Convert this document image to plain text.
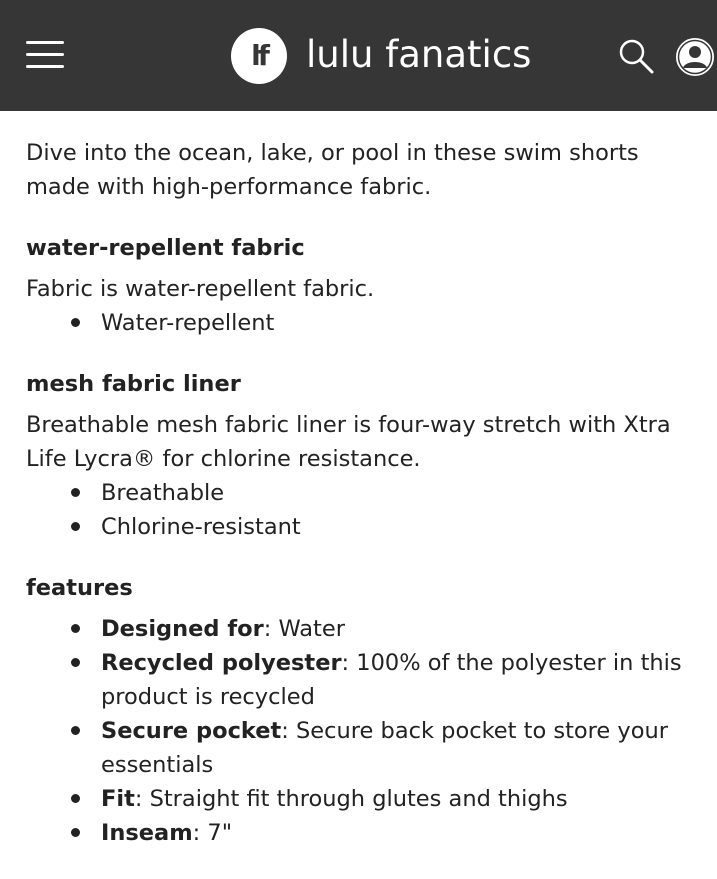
lf	lulu fanatics

Dive into the ocean, lake, or pool in these swim shorts made with high-performance fabric.

water-repellent fabric

Fabric is water-repellent fabric.

Water-repellent
mesh fabric liner

Breathable mesh fabric liner is four-way stretch with Xtra Life Lycra® for chlorine resistance.

Breathable
Chlorine-resistant
features
Designed for: Water
Recycled polyester: 100% of the polyester in this product is recycled
Secure pocket: Secure back pocket to store your essentials
Fit: Straight fit through glutes and thighs
Inseam: 7"
